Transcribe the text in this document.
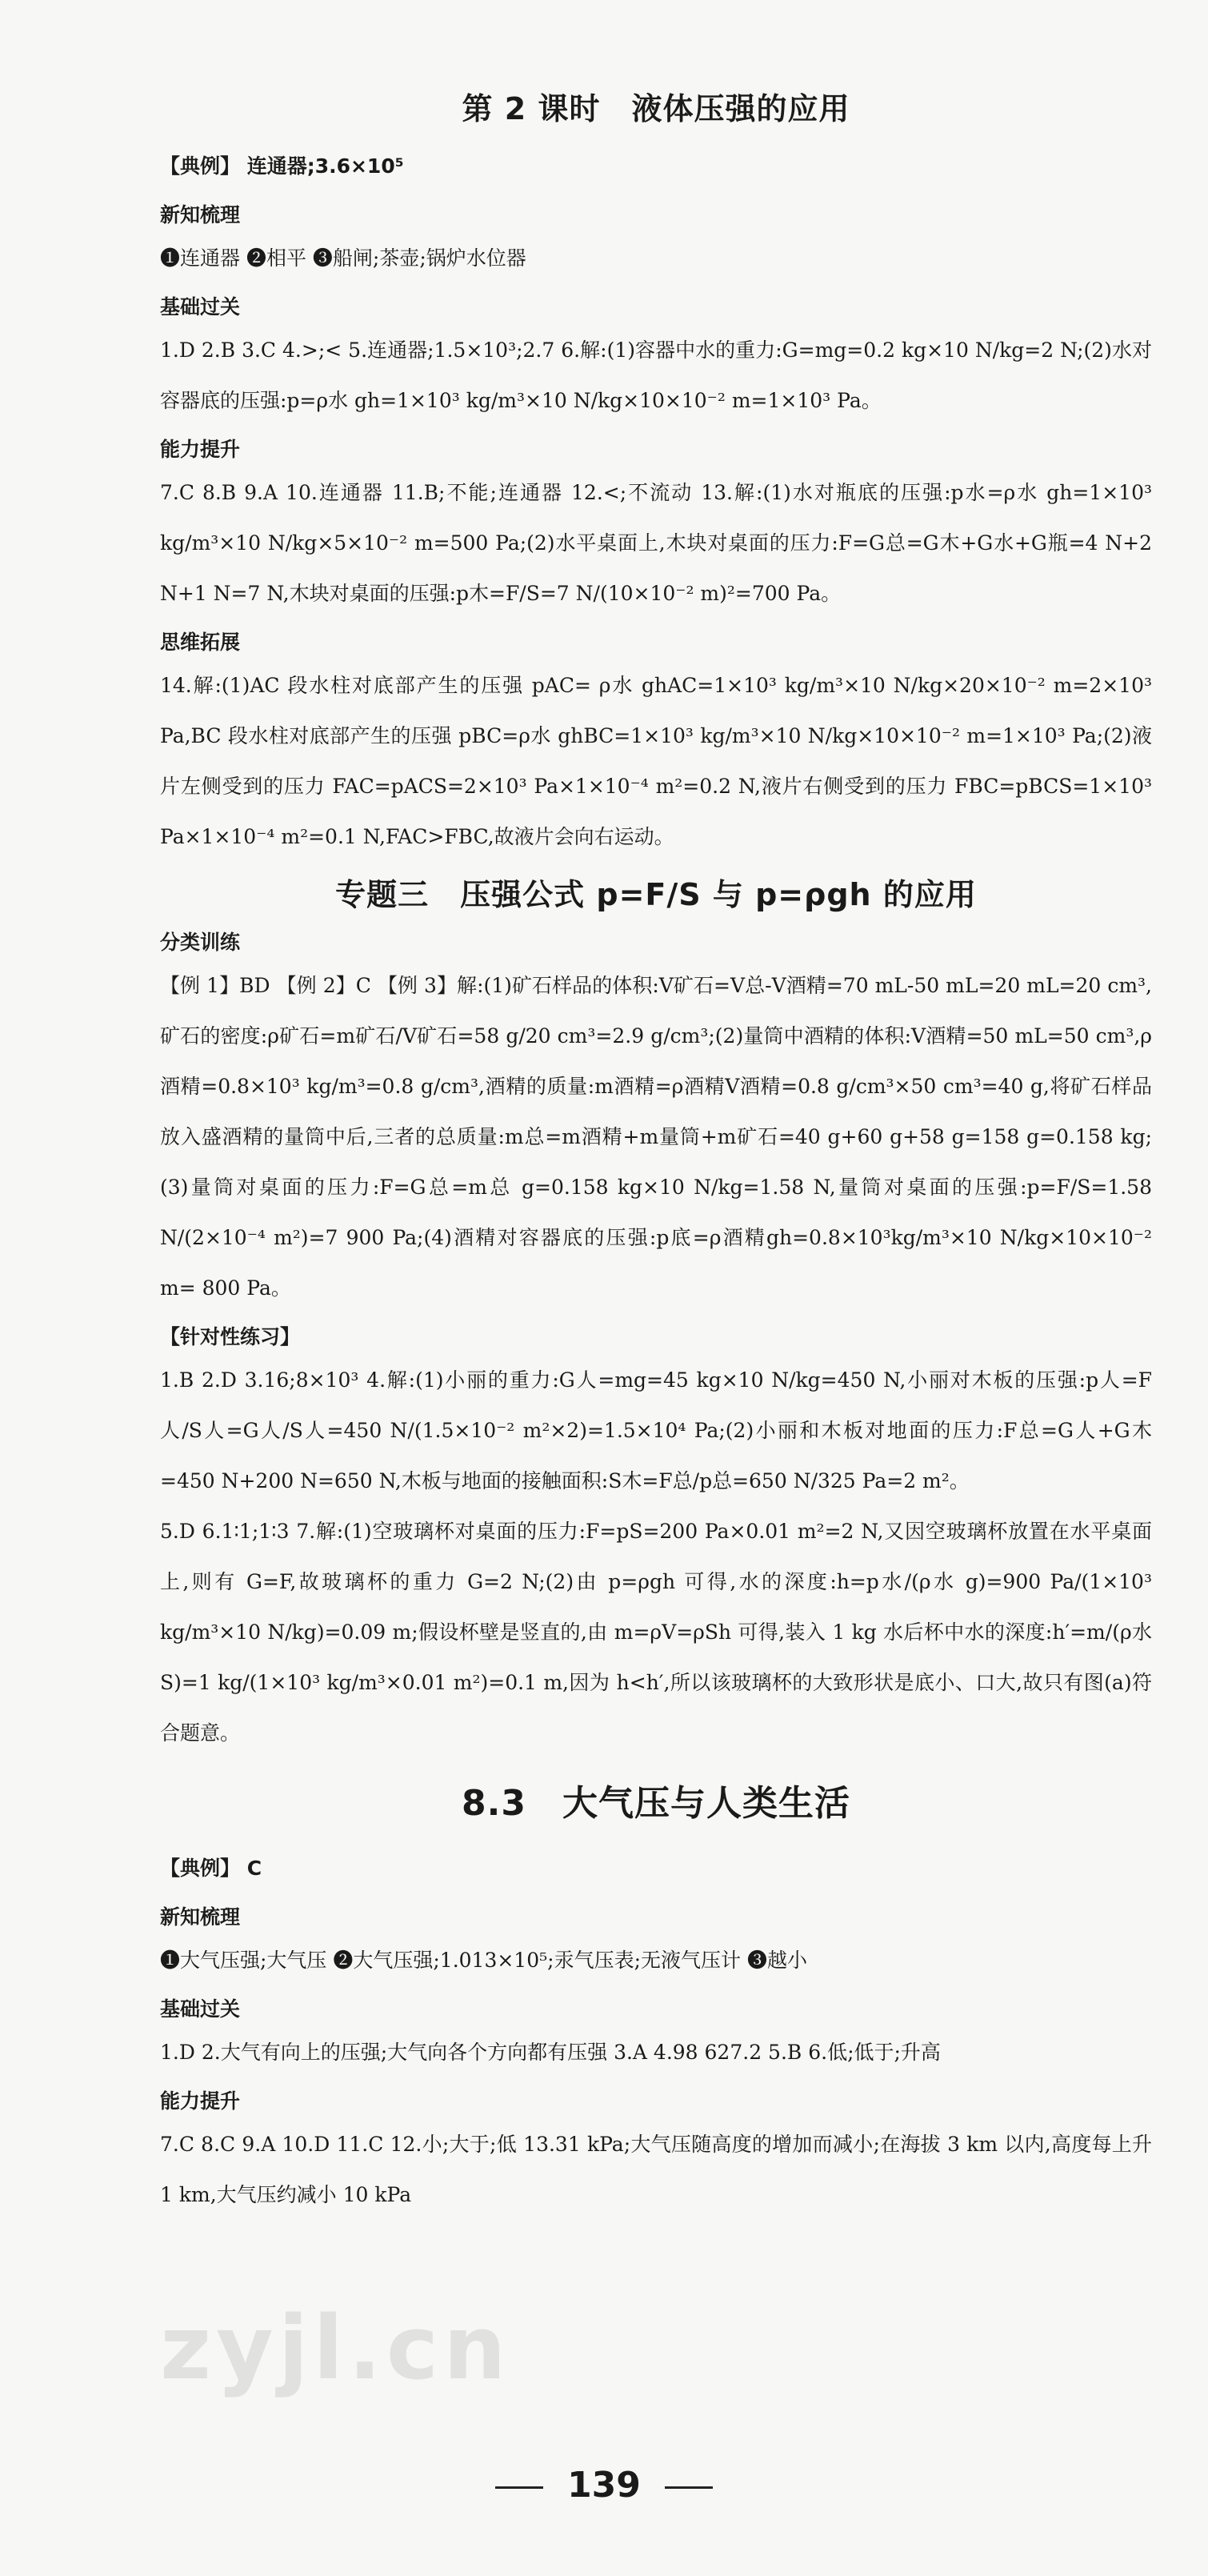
第 2 课时　液体压强的应用

【典例】 连通器;3.6×10⁵

新知梳理

❶连通器 ❷相平 ❸船闸;茶壶;锅炉水位器

基础过关

1.D 2.B 3.C 4.>;< 5.连通器;1.5×10³;2.7 6.解:(1)容器中水的重力:G=mg=0.2 kg×10 N/kg=2 N;(2)水对容器底的压强:p=ρ水 gh=1×10³ kg/m³×10 N/kg×10×10⁻² m=1×10³ Pa。

能力提升

7.C 8.B 9.A 10.连通器 11.B;不能;连通器 12.<;不流动 13.解:(1)水对瓶底的压强:p水=ρ水 gh=1×10³ kg/m³×10 N/kg×5×10⁻² m=500 Pa;(2)水平桌面上,木块对桌面的压力:F=G总=G木+G水+G瓶=4 N+2 N+1 N=7 N,木块对桌面的压强:p木=F/S=7 N/(10×10⁻² m)²=700 Pa。

思维拓展

14.解:(1)AC 段水柱对底部产生的压强 pAC= ρ水 ghAC=1×10³ kg/m³×10 N/kg×20×10⁻² m=2×10³ Pa,BC 段水柱对底部产生的压强 pBC=ρ水 ghBC=1×10³ kg/m³×10 N/kg×10×10⁻² m=1×10³ Pa;(2)液片左侧受到的压力 FAC=pACS=2×10³ Pa×1×10⁻⁴ m²=0.2 N,液片右侧受到的压力 FBC=pBCS=1×10³ Pa×1×10⁻⁴ m²=0.1 N,FAC>FBC,故液片会向右运动。

专题三　压强公式 p=F/S 与 p=ρgh 的应用
分类训练

【例 1】BD 【例 2】C 【例 3】解:(1)矿石样品的体积:V矿石=V总-V酒精=70 mL-50 mL=20 mL=20 cm³,矿石的密度:ρ矿石=m矿石/V矿石=58 g/20 cm³=2.9 g/cm³;(2)量筒中酒精的体积:V酒精=50 mL=50 cm³,ρ酒精=0.8×10³ kg/m³=0.8 g/cm³,酒精的质量:m酒精=ρ酒精V酒精=0.8 g/cm³×50 cm³=40 g,将矿石样品放入盛酒精的量筒中后,三者的总质量:m总=m酒精+m量筒+m矿石=40 g+60 g+58 g=158 g=0.158 kg;(3)量筒对桌面的压力:F=G总=m总 g=0.158 kg×10 N/kg=1.58 N,量筒对桌面的压强:p=F/S=1.58 N/(2×10⁻⁴ m²)=7 900 Pa;(4)酒精对容器底的压强:p底=ρ酒精gh=0.8×10³kg/m³×10 N/kg×10×10⁻² m= 800 Pa。

【针对性练习】

1.B 2.D 3.16;8×10³ 4.解:(1)小丽的重力:G人=mg=45 kg×10 N/kg=450 N,小丽对木板的压强:p人=F人/S人=G人/S人=450 N/(1.5×10⁻² m²×2)=1.5×10⁴ Pa;(2)小丽和木板对地面的压力:F总=G人+G木=450 N+200 N=650 N,木板与地面的接触面积:S木=F总/p总=650 N/325 Pa=2 m²。

5.D 6.1∶1;1∶3 7.解:(1)空玻璃杯对桌面的压力:F=pS=200 Pa×0.01 m²=2 N,又因空玻璃杯放置在水平桌面上,则有 G=F,故玻璃杯的重力 G=2 N;(2)由 p=ρgh 可得,水的深度:h=p水/(ρ水 g)=900 Pa/(1×10³ kg/m³×10 N/kg)=0.09 m;假设杯壁是竖直的,由 m=ρV=ρSh 可得,装入 1 kg 水后杯中水的深度:h′=m/(ρ水 S)=1 kg/(1×10³ kg/m³×0.01 m²)=0.1 m,因为 h<h′,所以该玻璃杯的大致形状是底小、口大,故只有图(a)符合题意。

8.3　大气压与人类生活

【典例】 C

新知梳理

❶大气压强;大气压 ❷大气压强;1.013×10⁵;汞气压表;无液气压计 ❸越小

基础过关

1.D 2.大气有向上的压强;大气向各个方向都有压强 3.A 4.98 627.2 5.B 6.低;低于;升高

能力提升

7.C 8.C 9.A 10.D 11.C 12.小;大于;低 13.31 kPa;大气压随高度的增加而减小;在海拔 3 km 以内,高度每上升 1 km,大气压约减小 10 kPa

zyjl.cn
139
